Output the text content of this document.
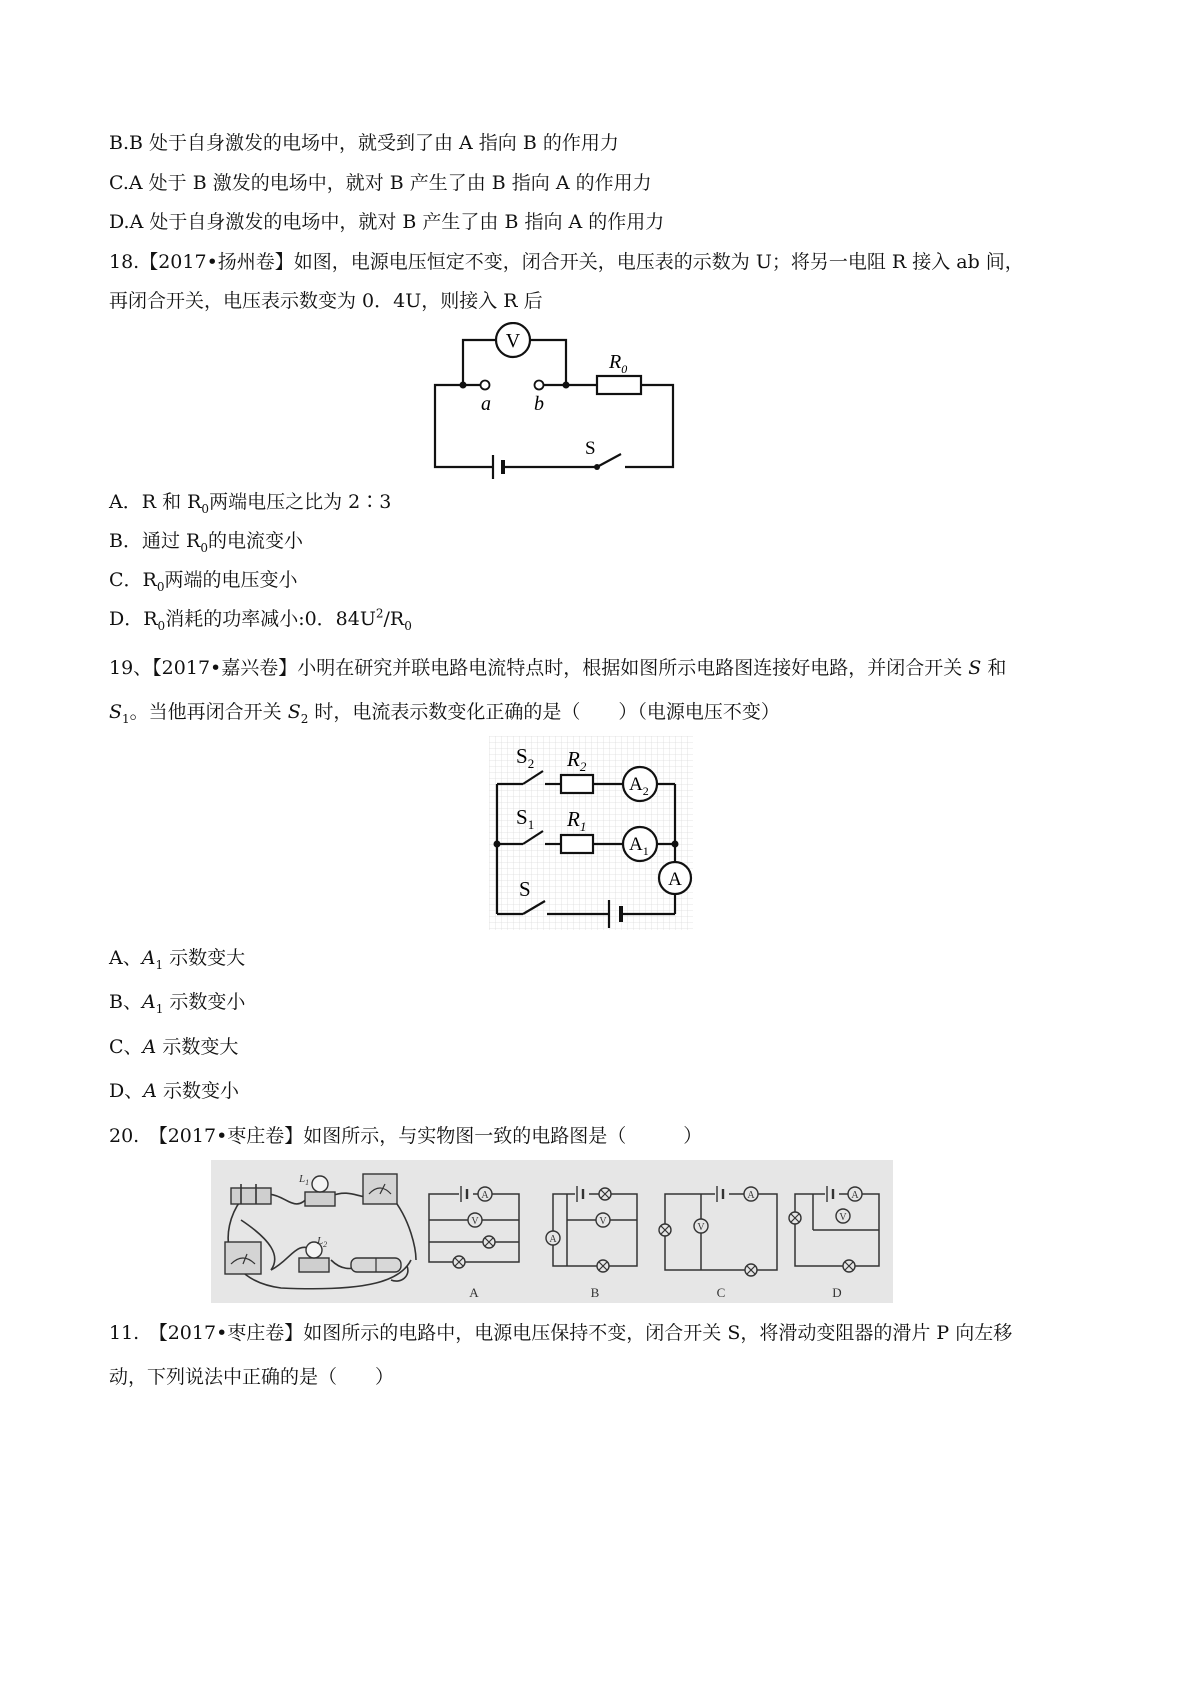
B.B 处于自身激发的电场中，就受到了由 A 指向 B 的作用力
C.A 处于 B 激发的电场中，就对 B 产生了由 B 指向 A 的作用力
D.A 处于自身激发的电场中，就对 B 产生了由 B 指向 A 的作用力
18.【2017•扬州卷】如图，电源电压恒定不变，闭合开关，电压表的示数为 U；将另一电阻 R 接入 ab 间，
再闭合开关，电压表示数变为 0．4U，则接入 R 后
V
$R_0$
a b
S
A．R 和 $R_0$两端电压之比为 2∶3
B．通过 $R_0$的电流变小
C．$R_0$两端的电压变小
D．$R_0$消耗的功率减小:0．$84U^2/R_0$
19、【2017•嘉兴卷】小明在研究并联电路电流特点时，根据如图所示电路图连接好电路，并闭合开关 S 和
$S_1$。当他再闭合开关 $S_2$ 时，电流表示数变化正确的是（　　）（电源电压不变）
$S_2$
$S_1$
S
$R_2$
$R_1$
$A_2$
$A_1$
A
A、$A_1$ 示数变大
B、$A_1$ 示数变小
C、A 示数变大
D、A 示数变小
20.　【2017•枣庄卷】如图所示，与实物图一致的电路图是（　　　）
$L_1$
$L_2$
A
V
A
V
A
B
A
V
C
A
V
D
11.　【2017•枣庄卷】如图所示的电路中，电源电压保持不变，闭合开关 S，将滑动变阻器的滑片 P 向左移
动，下列说法中正确的是（　　）
